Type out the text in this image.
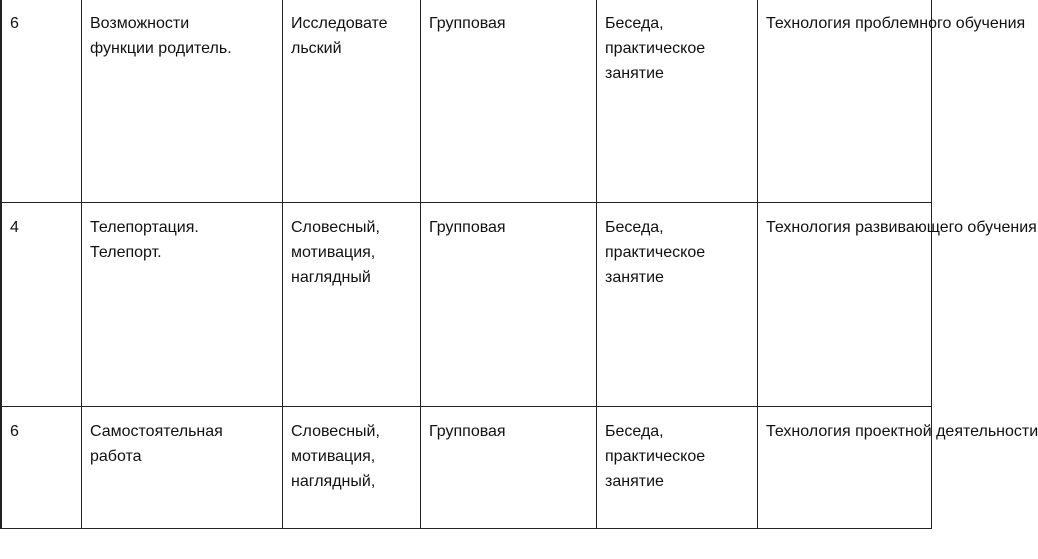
	6	Возможности
функции родитель.	Исследовате
льский	Групповая	Беседа,
практическое
занятие	Технология проблемного обучения

	4	Телепортация.
Телепорт.	Словесный,
мотивация,
наглядный	Групповая	Беседа,
практическое
занятие	Технология развивающего обучения

	6	Самостоятельная
работа	Словесный,
мотивация,
наглядный,	Групповая	Беседа,
практическое
занятие	Технология проектной деятельности
